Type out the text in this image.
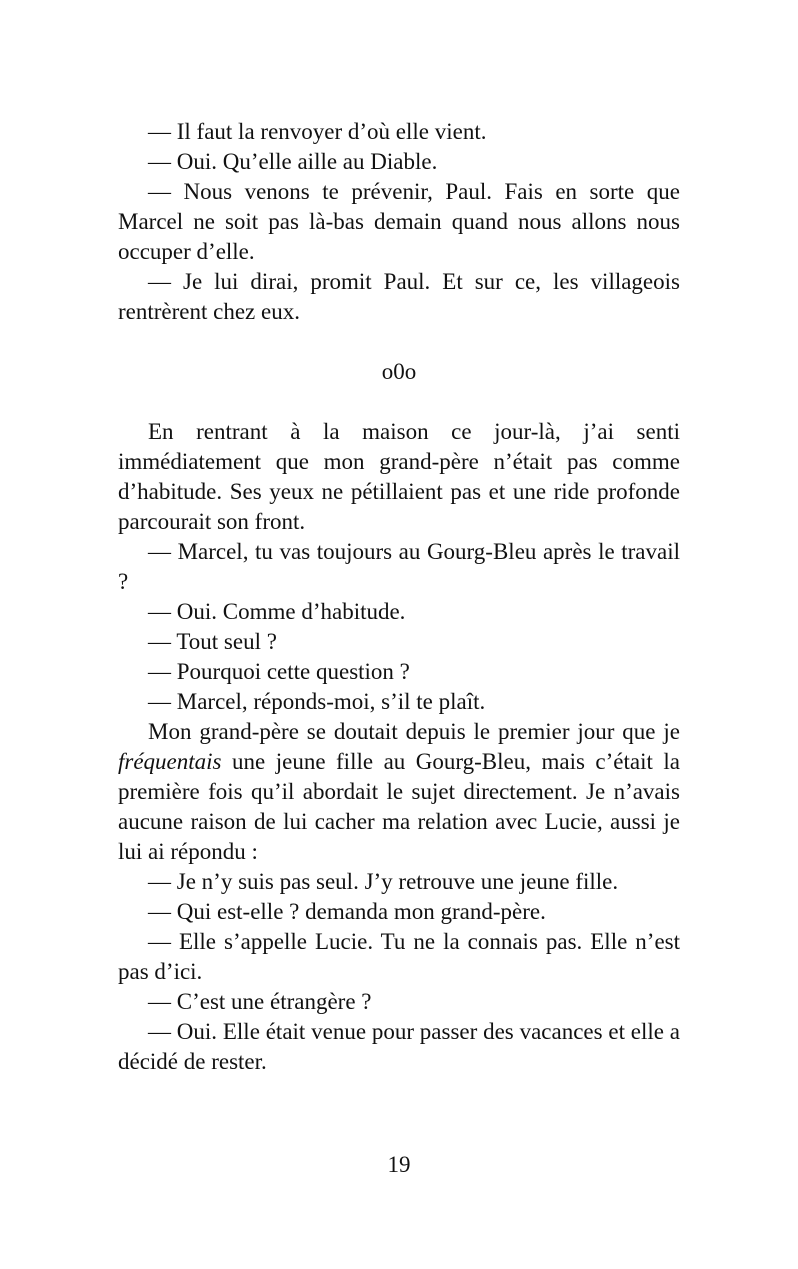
— Il faut la renvoyer d’où elle vient.

— Oui. Qu’elle aille au Diable.

— Nous venons te prévenir, Paul. Fais en sorte que Marcel ne soit pas là-bas demain quand nous allons nous occuper d’elle.

— Je lui dirai, promit Paul. Et sur ce, les villageois rentrèrent chez eux.

o0o

En rentrant à la maison ce jour-là, j’ai senti immédiatement que mon grand-père n’était pas comme d’habitude. Ses yeux ne pétillaient pas et une ride profonde parcourait son front.

— Marcel, tu vas toujours au Gourg-Bleu après le travail ?

— Oui. Comme d’habitude.

— Tout seul ?

— Pourquoi cette question ?

— Marcel, réponds-moi, s’il te plaît.

Mon grand-père se doutait depuis le premier jour que je fréquentais une jeune fille au Gourg-Bleu, mais c’était la première fois qu’il abordait le sujet directement. Je n’avais aucune raison de lui cacher ma relation avec Lucie, aussi je lui ai répondu :

— Je n’y suis pas seul. J’y retrouve une jeune fille.

— Qui est-elle ? demanda mon grand-père.

— Elle s’appelle Lucie. Tu ne la connais pas. Elle n’est pas d’ici.

— C’est une étrangère ?

— Oui. Elle était venue pour passer des vacances et elle a décidé de rester.

19
